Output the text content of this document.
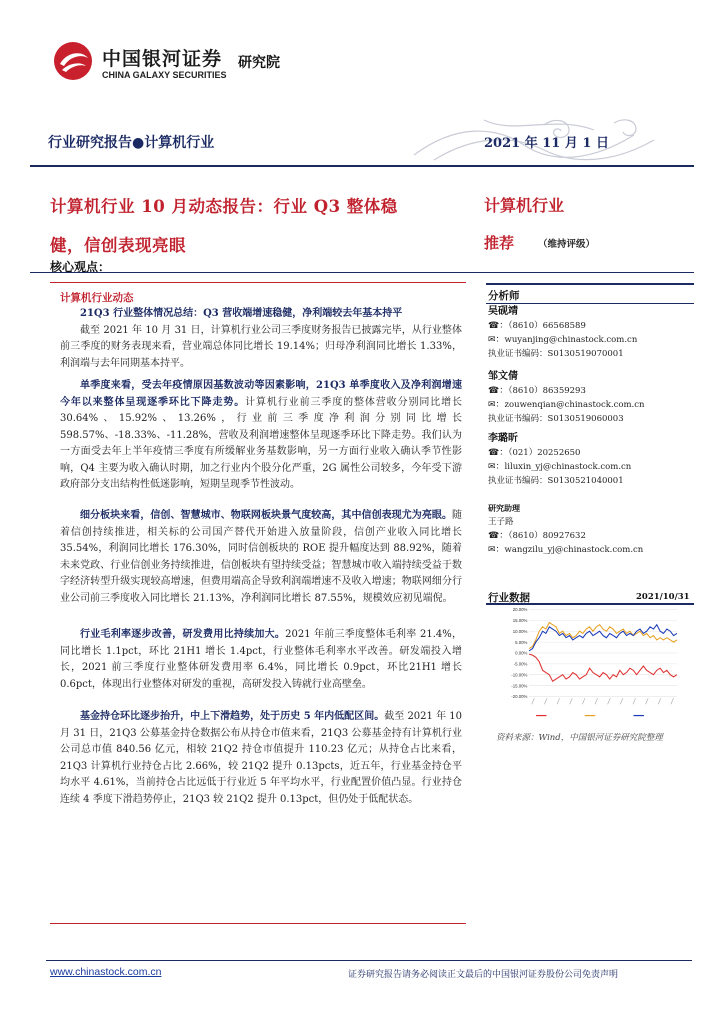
中国银河证券
CHINA GALAXY SECURITIES
研究院
行业研究报告●计算机行业	2021 年 11 月 1 日
计算机行业 10 月动态报告：行业 Q3 整体稳
健，信创表现亮眼
计算机行业
推荐	（维持评级）
核心观点：
计算机行业动态
21Q3 行业整体情况总结：Q3 营收端增速稳健，净利端较去年基本持平
截至 2021 年 10 月 31 日，计算机行业公司三季度财务报告已披露完毕，从行业整体前三季度的财务表现来看，营业端总体同比增长 19.14%；归母净利润同比增长 1.33%，利润端与去年同期基本持平。
单季度来看，受去年疫情原因基数波动等因素影响，21Q3 单季度收入及净利润增速今年以来整体呈现逐季环比下降走势。计算机行业前三季度的整体营收分别同比增长 30.64%、15.92%、13.26%，行业前三季度净利润分别同比增长 598.57%、-18.33%、-11.28%，营收及利润增速整体呈现逐季环比下降走势。我们认为一方面受去年上半年疫情三季度有所缓解业务基数影响，另一方面行业收入确认季节性影响，Q4 主要为收入确认时期，加之行业内个股分化严重，2G 属性公司较多，今年受下游政府部分支出结构性低迷影响，短期呈现季节性波动。
细分板块来看，信创、智慧城市、物联网板块景气度较高，其中信创表现尤为亮眼。随着信创持续推进，相关标的公司国产替代开始进入放量阶段，信创产业收入同比增长 35.54%，利润同比增长 176.30%，同时信创板块的 ROE 提升幅度达到 88.92%，随着未来党政、行业信创业务持续推进，信创板块有望持续受益；智慧城市收入端持续受益于数字经济转型升级实现较高增速，但费用端高企导致利润端增速不及收入增速；物联网细分行业公司前三季度收入同比增长 21.13%，净利润同比增长 87.55%，规模效应初见端倪。
行业毛利率逐步改善，研发费用比持续加大。2021 年前三季度整体毛利率 21.4%，同比增长 1.1pct，环比 21H1 增长 1.4pct，行业整体毛利率水平改善。研发端投入增长，2021 前三季度行业整体研发费用率 6.4%，同比增长 0.9pct，环比21H1 增长 0.6pct，体现出行业整体对研发的重视，高研发投入铸就行业高壁垒。
基金持仓环比逐步抬升，中上下滑趋势，处于历史 5 年内低配区间。截至 2021 年 10 月 31 日，21Q3 公募基金持仓数据公布从持仓市值来看，21Q3 公募基金持有计算机行业公司总市值 840.56 亿元，相较 21Q2 持仓市值提升 110.23 亿元；从持仓占比来看，21Q3 计算机行业持仓占比 2.66%，较 21Q2 提升 0.13pcts，近五年，行业基金持仓平均水平 4.61%，当前持仓占比远低于行业近 5 年平均水平，行业配置价值凸显。行业持仓连续 4 季度下滑趋势停止，21Q3 较 21Q2 提升 0.13pct，但仍处于低配状态。
分析师
吴砚靖
☎：（8610）66568589
✉：wuyanjing@chinastock.com.cn
执业证书编码：S0130519070001
邹文倩
☎：（8610）86359293
✉：zouwenqian@chinastock.com.cn
执业证书编码：S0130519060003
李璐昕
☎：（021）20252650
✉：liluxin_yj@chinastock.com.cn
执业证书编码：S0130521040001
研究助理
王子路
☎：（8610）80927632
✉：wangzilu_yj@chinastock.com.cn
行业数据	2021/10/31
20.00%
15.00%
10.00%
5.00%
0.00%
-5.00%
-10.00%
-15.00%
-20.00%
资料来源：Wind，中国银河证券研究院整理
www.chinastock.com.cn	证券研究报告请务必阅读正文最后的中国银河证券股份公司免责声明
